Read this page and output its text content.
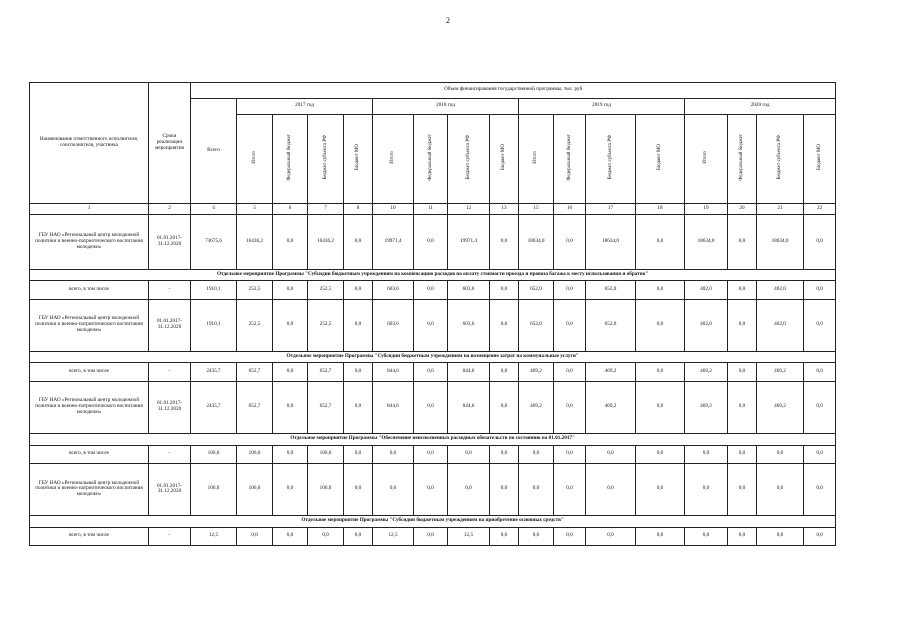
2
Наименование ответственного исполнителя, соисполнителя, участника	Сроки реализации мероприятия	Объем финансирования государственной программы, тыс. руб																
		Всего	2017 год				2018 год				2019 год				2020 год			
			Итого	Федеральный бюджет	Бюджет субъекта РФ	Бюджет МО	Итого	Федеральный бюджет	Бюджет субъекта РФ	Бюджет МО	Итого	Федеральный бюджет	Бюджет субъекта РФ	Бюджет МО	Итого	Федеральный бюджет	Бюджет субъекта РФ	Бюджет МО
1	2	4	5	6	7	8	10	11	12	13	15	16	17	18	19	20	21	22
ГБУ НАО «Региональный центр молодежной политики и военно-патриотического воспитания молодежи»	01.01.2017-31.12.2020	73675,6	16436,2	0,0	16436,2	0,0	19971,4	0,0	19971,4	0,0	18634,0	0,0	18634,0	0,0	18634,0	0,0	18634,0	0,0
Отдельное мероприятие Программы "Субсидии бюджетным учреждениям на компенсацию расходов на оплату стоимости проезда и провоза багажа к месту использования и обратно"																		
всего, в том числе	-	1910,1	252,5	0,0	252,5	0,0	603,6	0,0	603,6	0,0	652,0	0,0	652,0	0,0	402,0	0,0	402,0	0,0
ГБУ НАО «Региональный центр молодежной политики и военно-патриотического воспитания молодежи»	01.01.2017-31.12.2020	1910,1	252,5	0,0	252,5	0,0	603,6	0,0	603,6	0,0	652,0	0,0	652,0	0,0	402,0	0,0	402,0	0,0
Отдельное мероприятие Программы "Субсидии бюджетным учреждениям на возмещение затрат на коммунальные услуги"																		
всего, в том числе	-	2435,7	652,7	0,0	652,7	0,0	844,6	0,0	844,6	0,0	469,2	0,0	469,2	0,0	469,2	0,0	469,2	0,0
ГБУ НАО «Региональный центр молодежной политики и военно-патриотического воспитания молодежи»	01.01.2017-31.12.2020	2435,7	652,7	0,0	652,7	0,0	844,6	0,0	844,6	0,0	469,2	0,0	469,2	0,0	469,2	0,0	469,2	0,0
Отдельное мероприятие Программы "Обеспечение неисполненных расходных обязательств по состоянию на 01.01.2017"																		
всего, в том числе	-	106,0	106,0	0,0	106,0	0,0	0,0	0,0	0,0	0,0	0,0	0,0	0,0	0,0	0,0	0,0	0,0	0,0
ГБУ НАО «Региональный центр молодежной политики и военно-патриотического воспитания молодежи»	01.01.2017-31.12.2020	106,0	106,0	0,0	106,0	0,0	0,0	0,0	0,0	0,0	0,0	0,0	0,0	0,0	0,0	0,0	0,0	0,0
Отдельное мероприятие Программы "Субсидии бюджетным учреждениям на приобретение основных средств"																		
всего, в том числе	-	12,5	0,0	0,0	0,0	0,0	12,5	0,0	12,5	0,0	0,0	0,0	0,0	0,0	0,0	0,0	0,0	0,0
